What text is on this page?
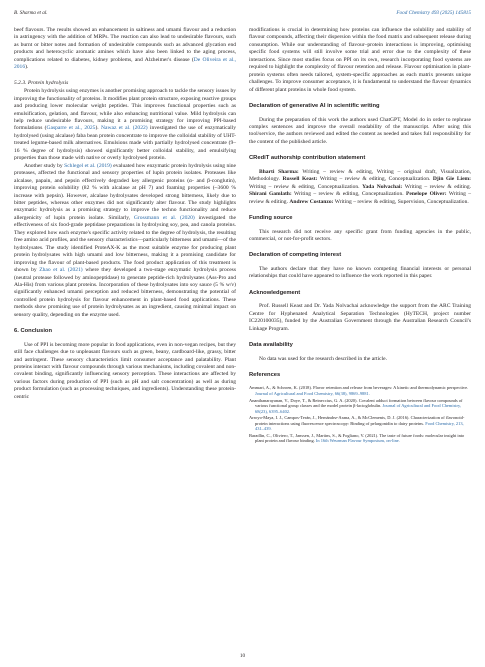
B. Sharma et al.	Food Chemistry 493 (2025) 145815

beef flavours. The results showed an enhancement in saltiness and umami flavour and a reduction in astringency with the addition of MRPs. The reaction can also lead to undesirable flavours, such as burnt or bitter notes and formation of undesirable compounds such as advanced glycation end products and heterocyclic aromatic amines which have also been linked to the aging process, complications related to diabetes, kidney problems, and Alzheimer's disease (De Oliveira et al., 2016).

5.2.3. Protein hydrolysis

Protein hydrolysis using enzymes is another promising approach to tackle the sensory issues by improving the functionality of proteins. It modifies plant protein structure, exposing reactive groups and producing lower molecular weight peptides. This improves functional properties such as emulsification, gelation, and flavour, while also enhancing nutritional value. Mild hydrolysis can help reduce undesirable flavours, making it a promising strategy for improving PPI-based formulations (Gasparre et al., 2025). Nawaz et al. (2022) investigated the use of enzymatically hydrolysed (using alcalase) faba bean protein concentrate to improve the colloidal stability of UHT-treated legume-based milk alternatives. Emulsions made with partially hydrolysed concentrate (9–16 % degree of hydrolysis) showed significantly better colloidal stability, and emulsifying properties than those made with native or overly hydrolysed protein.

Another study by Schlegel et al. (2019) evaluated how enzymatic protein hydrolysis using nine proteases, affected the functional and sensory properties of lupin protein isolates. Proteases like alcalase, papain, and pepsin effectively degraded key allergenic proteins (α- and β-conglutin), improving protein solubility (82 % with alcalase at pH 7) and foaming properties (~3600 % increase with pepsin). However, alcalase hydrolysates developed strong bitterness, likely due to bitter peptides, whereas other enzymes did not significantly alter flavour. The study highlights enzymatic hydrolysis as a promising strategy to improve the techno functionality and reduce allergenicity of lupin protein isolate. Similarly, Grossmann et al. (2020) investigated the effectiveness of six food-grade peptidase preparations in hydrolysing soy, pea, and canola proteins. They explored how each enzyme's specific activity related to the degree of hydrolysis, the resulting free amino acid profiles, and the sensory characteristics—particularly bitterness and umami—of the hydrolysates. The study identified ProteAX-K as the most suitable enzyme for producing plant protein hydrolysates with high umami and low bitterness, making it a promising candidate for improving the flavour of plant-based products. The food product application of this treatment is shown by Zhao et al. (2021) where they developed a two-stage enzymatic hydrolysis process (neutral protease followed by aminopeptidase) to generate peptide-rich hydrolysates (Ass-Pro and Ala-His) from various plant proteins. Incorporation of these hydrolysates into soy sauce (5 % w/v) significantly enhanced umami perception and reduced bitterness, demonstrating the potential of controlled protein hydrolysis for flavour enhancement in plant-based food applications. These methods show promising use of protein hydrolysates as an ingredient, causing minimal impact on sensory quality, depending on the enzyme used.

6. Conclusion

Use of PPI is becoming more popular in food applications, even in non-vegan recipes, but they still face challenges due to unpleasant flavours such as green, beany, cardboard-like, grassy, bitter and astringent. These sensory characteristics limit consumer acceptance and palatability. Plant proteins interact with flavour compounds through various mechanisms, including covalent and non-covalent binding, significantly influencing sensory perception. These interactions are affected by various factors during production of PPI (such as pH and salt concentration) as well as during product formulation (such as processing techniques, and ingredients). Understanding these protein-centric

modifications is crucial in determining how proteins can influence the solubility and stability of flavour compounds, affecting their dispersion within the food matrix and subsequent release during consumption. While our understanding of flavour–protein interactions is improving, optimising specific food systems will still involve some trial and error due to the complexity of these interactions. Since most studies focus on PPI on its own, research incorporating food systems are required to highlight the complexity of flavour retention and release. Flavour optimisation in plant-protein systems often needs tailored, system-specific approaches as each matrix presents unique challenges. To improve consumer acceptance, it is fundamental to understand the flavour dynamics of different plant proteins in whole food system.

Declaration of generative AI in scientific writing

During the preparation of this work the authors used ChatGPT, Model 4o in order to rephrase complex sentences and improve the overall readability of the manuscript. After using this tool/service, the authors reviewed and edited the content as needed and takes full responsibility for the content of the published article.

CRediT authorship contribution statement

Bharti Sharma: Writing – review & editing, Writing – original draft, Visualization, Methodology. Russell Keast: Writing – review & editing, Conceptualization. Djin Gie Liem: Writing – review & editing, Conceptualization. Yada Nolvachai: Writing – review & editing. Shirani Gamlath: Writing – review & editing, Conceptualization. Penelope Oliver: Writing – review & editing. Andrew Costanzo: Writing – review & editing, Supervision, Conceptualization.

Funding source

This research did not receive any specific grant from funding agencies in the public, commercial, or not-for-profit sectors.

Declaration of competing interest

The authors declare that they have no known competing financial interests or personal relationships that could have appeared to influence the work reported in this paper.

Acknowledgement

Prof. Russell Keast and Dr. Yada Nolvachai acknowledge the support from the ARC Training Centre for Hyphenated Analytical Separation Technologies (HyTECH, project number IC220100035), funded by the Australian Government through the Australian Research Council's Linkage Program.

Data availability

No data was used for the research described in the article.

References
Ammari, A., & Schroen, K. (2018). Flavor retention and release from beverages: A kinetic and thermodynamic perspective. Journal of Agricultural and Food Chemistry, 66(38), 9869–9881.
Ananthanarayanan, V., Doye, T., & Reineccius, G. A. (2020). Covalent adduct formation between flavour compounds of various functional group classes and the model protein β-lactoglobulin. Journal of Agricultural and Food Chemistry, 68(23), 6395–6402.
Arroyo-Maya, I. J., Campos-Terán, J., Hernández-Arana, A., & McClements, D. J. (2016). Characterization of flavonoid-protein interactions using fluorescence spectroscopy: Binding of pelargonidin to dairy proteins. Food Chemistry, 213, 431–439.
Baradlin, C., Oliviero, T., Janssen, J., Martins, S., & Fogliano, V. (2021). The taste of future foods: molecular insight into plant protein and flavour binding. In 16th Weurman Flavour Symposium, on-line.
10
